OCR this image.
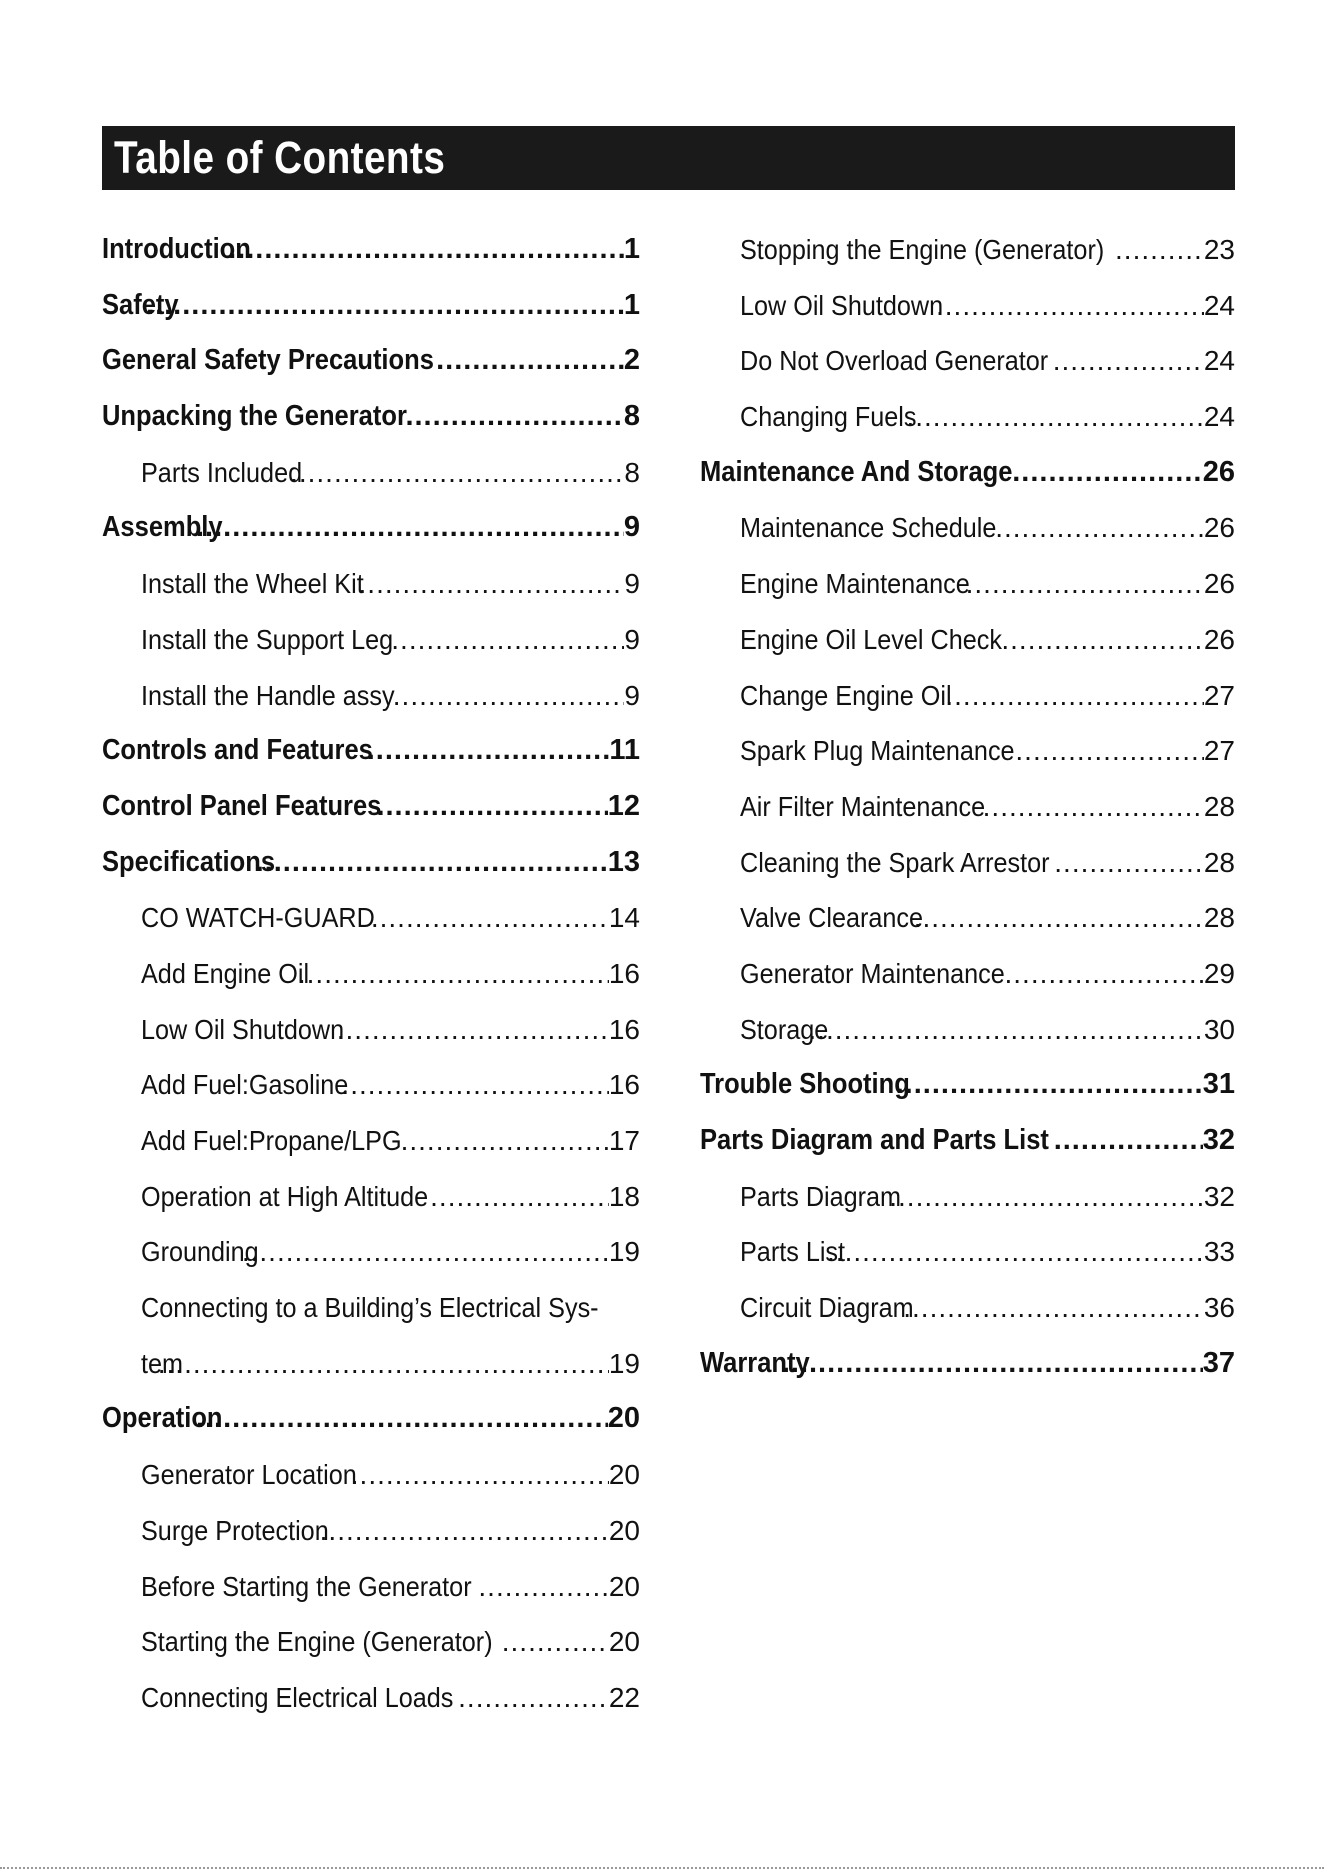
Table of Contents
Introduction .....	1
Safety .....	1
General Safety Precautions .....	2
Unpacking the Generator .....	8
Parts Included .....	8
Assembly .....	9
Install the Wheel Kit .....	9
Install the Support Leg .....	9
Install the Handle assy .....	9
Controls and Features .....	11
Control Panel Features .....	12
Specifications .....	13
CO WATCH-GUARD .....	14
Add Engine Oil .....	16
Low Oil Shutdown .....	16
Add Fuel:Gasoline .....	16
Add Fuel:Propane/LPG .....	17
Operation at High Altitude .....	18
Grounding .....	19
Connecting to a Building’s Electrical Sys-
tem .....	19
Operation .....	20
Generator Location .....	20
Surge Protection .....	20
Before Starting the Generator .....	20
Starting the Engine (Generator) .....	20
Connecting Electrical Loads .....	22
Stopping the Engine (Generator) .....	23
Low Oil Shutdown .....	24
Do Not Overload Generator .....	24
Changing Fuels .....	24
Maintenance And Storage .....	26
Maintenance Schedule .....	26
Engine Maintenance .....	26
Engine Oil Level Check .....	26
Change Engine Oil .....	27
Spark Plug Maintenance .....	27
Air Filter Maintenance .....	28
Cleaning the Spark Arrestor .....	28
Valve Clearance .....	28
Generator Maintenance .....	29
Storage .....	30
Trouble Shooting .....	31
Parts Diagram and Parts List .....	32
Parts Diagram .....	32
Parts List .....	33
Circuit Diagram .....	36
Warranty .....	37
